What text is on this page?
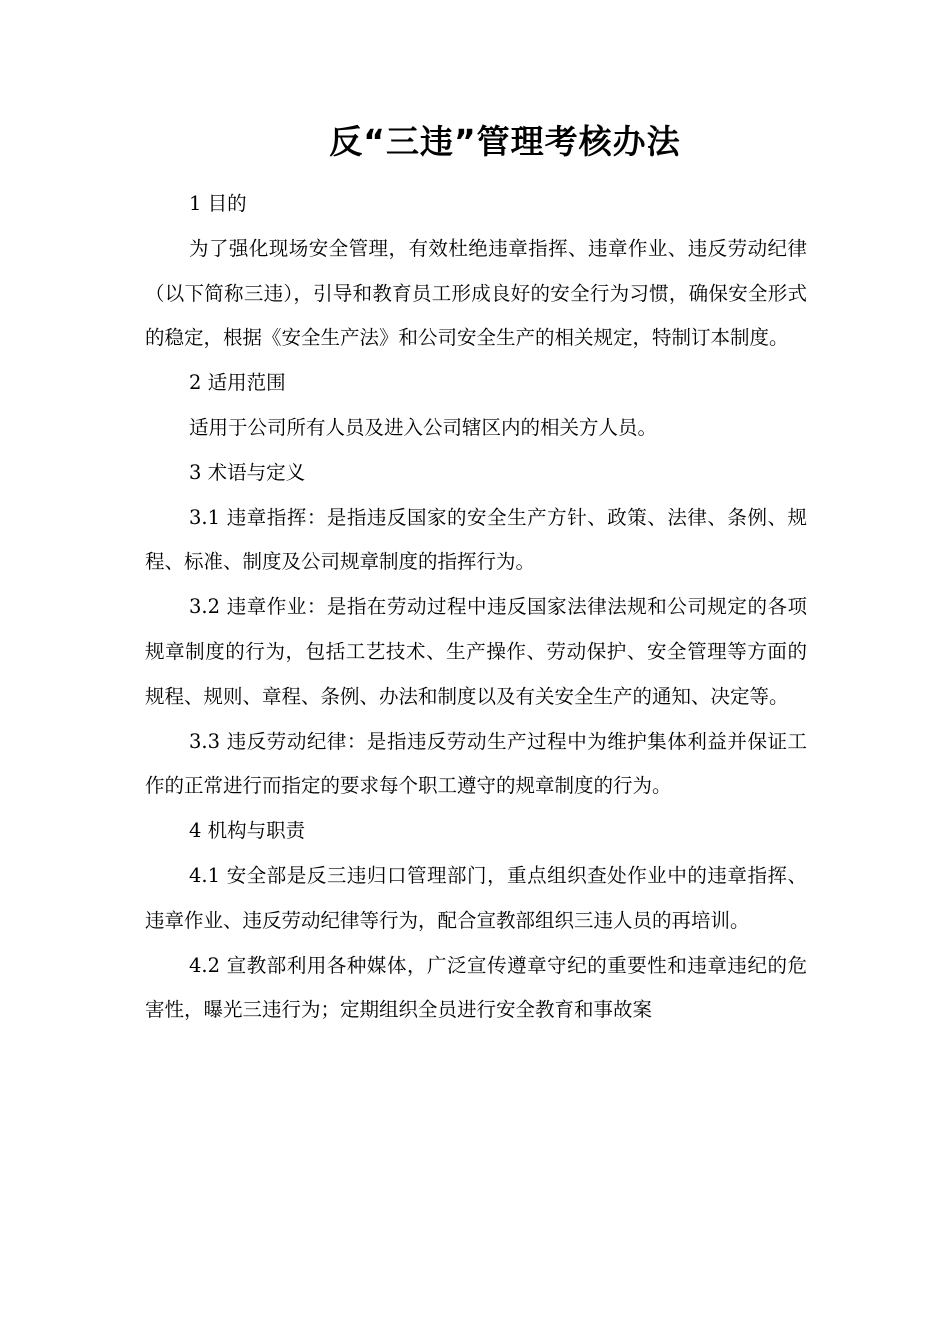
反“三违”管理考核办法

1 目的

为了强化现场安全管理，有效杜绝违章指挥、违章作业、违反劳动纪律（以下简称三违），引导和教育员工形成良好的安全行为习惯，确保安全形式的稳定，根据《安全生产法》和公司安全生产的相关规定，特制订本制度。

2 适用范围

适用于公司所有人员及进入公司辖区内的相关方人员。

3 术语与定义

3.1 违章指挥：是指违反国家的安全生产方针、政策、法律、条例、规程、标准、制度及公司规章制度的指挥行为。

3.2 违章作业：是指在劳动过程中违反国家法律法规和公司规定的各项规章制度的行为，包括工艺技术、生产操作、劳动保护、安全管理等方面的规程、规则、章程、条例、办法和制度以及有关安全生产的通知、决定等。

3.3 违反劳动纪律：是指违反劳动生产过程中为维护集体利益并保证工作的正常进行而指定的要求每个职工遵守的规章制度的行为。

4 机构与职责

4.1 安全部是反三违归口管理部门，重点组织查处作业中的违章指挥、违章作业、违反劳动纪律等行为，配合宣教部组织三违人员的再培训。

4.2 宣教部利用各种媒体，广泛宣传遵章守纪的重要性和违章违纪的危害性，曝光三违行为；定期组织全员进行安全教育和事故案
